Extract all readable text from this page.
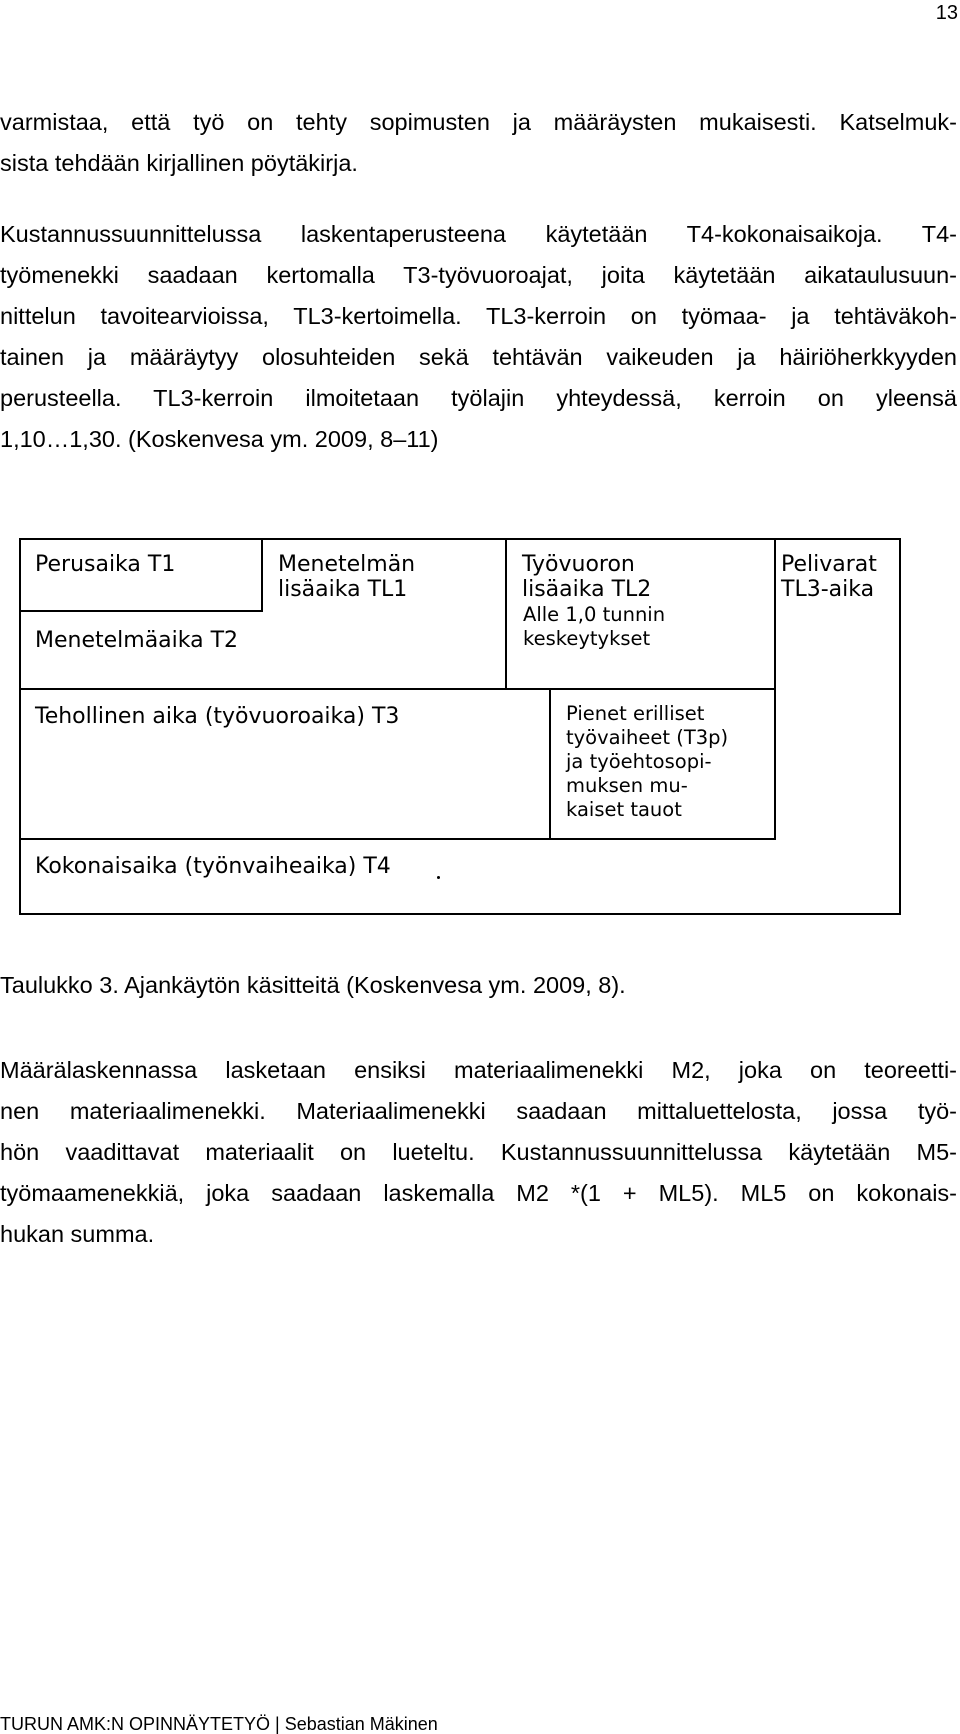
13
varmistaa, että työ on tehty sopimusten ja määräysten mukaisesti. Katselmuk-
sista tehdään kirjallinen pöytäkirja.
Kustannussuunnittelussa laskentaperusteena käytetään T4-kokonaisaikoja. T4-
työmenekki saadaan kertomalla T3-työvuoroajat, joita käytetään aikataulusuun-
nittelun tavoitearvioissa, TL3-kertoimella. TL3-kerroin on työmaa- ja tehtäväkoh-
tainen ja määräytyy olosuhteiden sekä tehtävän vaikeuden ja häiriöherkkyyden
perusteella. TL3-kerroin ilmoitetaan työlajin yhteydessä, kerroin on yleensä
1,10…1,30. (Koskenvesa ym. 2009, 8–11)
Perusaika T1	Menetelmän
lisäaika TL1
Työvuoron
lisäaika TL2
Alle 1,0 tunnin
keskeytykset
Pelivarat
TL3-aika
Menetelmäaika T2
Tehollinen aika (työvuoroaika) T3	Pienet erilliset
työvaiheet (T3p)
ja työehtosopi-
muksen mu-
kaiset tauot
Kokonaisaika (työnvaiheaika) T4
Taulukko 3. Ajankäytön käsitteitä (Koskenvesa ym. 2009, 8).
Määrälaskennassa lasketaan ensiksi materiaalimenekki M2, joka on teoreetti-
nen materiaalimenekki. Materiaalimenekki saadaan mittaluettelosta, jossa työ-
hön vaadittavat materiaalit on lueteltu. Kustannussuunnittelussa käytetään M5-
työmaamenekkiä, joka saadaan laskemalla M2 *(1 + ML5). ML5 on kokonais-
hukan summa.
TURUN AMK:N OPINNÄYTETYÖ | Sebastian Mäkinen
